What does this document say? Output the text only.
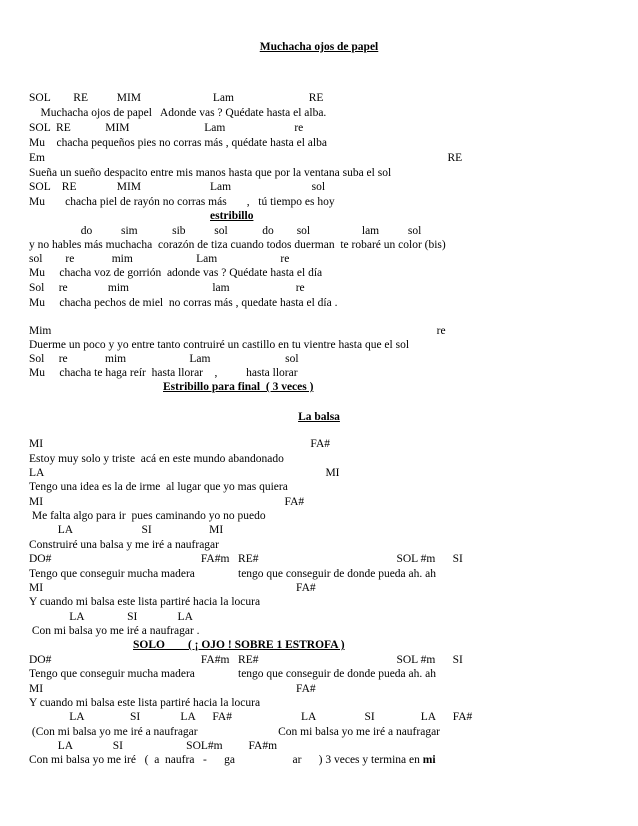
Muchacha ojos de papel
SOL        RE          MIM                         Lam                          RE
Muchacha ojos de papel   Adonde vas ? Quédate hasta el alba.
SOL  RE            MIM                          Lam                        re
Mu    chacha pequeños pies no corras más , quédate hasta el alba
Em                                                                                                                                            RE
Sueña un sueño despacito entre mis manos hasta que por la ventana suba el sol
SOL    RE              MIM                        Lam                            sol
Mu       chacha piel de rayón no corras más       ,   tú tiempo es hoy
estribillo
do          sim            sib          sol            do        sol                  lam          sol
y no hables más muchacha  corazón de tiza cuando todos duerman  te robaré un color (bis)
sol        re             mim                      Lam                      re
Mu     chacha voz de gorrión  adonde vas ? Quédate hasta el día
Sol     re              mim                             lam                       re
Mu     chacha pechos de miel  no corras más , quedate hasta el día .
Mim                                                                                                                                      re
Duerme un poco y yo entre tanto contruiré un castillo en tu vientre hasta que el sol
Sol     re             mim                      Lam                          sol
Mu     chacha te haga reír  hasta llorar    ,          hasta llorar
Estribillo para final  ( 3 veces )
La balsa
MI                                                                                             FA#
Estoy muy solo y triste  acá en este mundo abandonado
LA                                                                                                  MI
Tengo una idea es la de irme  al lugar que yo mas quiera
MI                                                                                    FA#
Me falta algo para ir  pues caminando yo no puedo
LA                        SI                    MI
Construiré una balsa y me iré a naufragar
DO#                                                    FA#m   RE#                                                SOL #m      SI
Tengo que conseguir mucha madera               tengo que conseguir de donde pueda ah. ah
MI                                                                                        FA#
Y cuando mi balsa este lista partiré hacia la locura
LA               SI              LA
Con mi balsa yo me iré a naufragar .
SOLO        ( ¡ OJO ! SOBRE 1 ESTROFA )
DO#                                                    FA#m   RE#                                                SOL #m      SI
Tengo que conseguir mucha madera               tengo que conseguir de donde pueda ah. ah
MI                                                                                        FA#
Y cuando mi balsa este lista partiré hacia la locura
LA                SI              LA      FA#                        LA                 SI                LA      FA#
(Con mi balsa yo me iré a naufragar                            Con mi balsa yo me iré a naufragar
LA              SI                      SOL#m         FA#m
Con mi balsa yo me iré   (  a  naufra   -      ga                    ar      ) 3 veces y termina en mi
